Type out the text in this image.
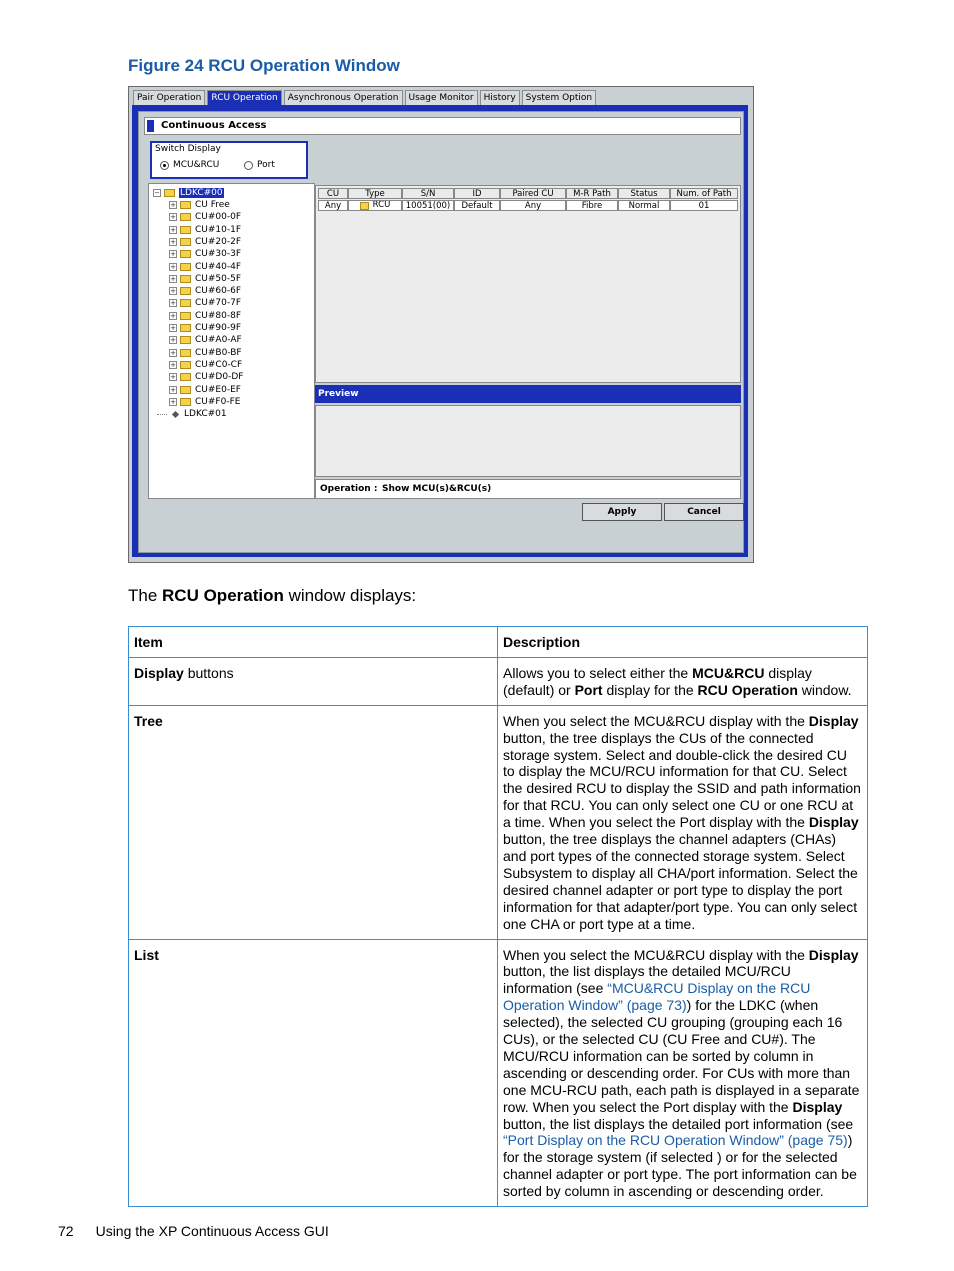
Figure 24 RCU Operation Window
Pair Operation	RCU Operation	Asynchronous Operation	Usage Monitor	History	System Option
Continuous Access
Switch Display
MCU&RCU	Port
− LDKC#00
+ CU Free
+ CU#00-0F
+ CU#10-1F
+ CU#20-2F
+ CU#30-3F
+ CU#40-4F
+ CU#50-5F
+ CU#60-6F
+ CU#70-7F
+ CU#80-8F
+ CU#90-9F
+ CU#A0-AF
+ CU#B0-BF
+ CU#C0-CF
+ CU#D0-DF
+ CU#E0-EF
+ CU#F0-FE
LDKC#01
CU	Type	S/N	ID	Paired CU	M-R Path	Status	Num. of Path
Any	RCU	10051(00)	Default	Any	Fibre	Normal	01
Preview
Operation : Show MCU(s)&RCU(s)
Apply	Cancel
The RCU Operation window displays:
Item	Description
Display buttons	Allows you to select either the MCU&RCU display (default) or Port display for the RCU Operation window.
Tree	When you select the MCU&RCU display with the Display button, the tree displays the CUs of the connected storage system. Select and double-click the desired CU to display the MCU/RCU information for that CU. Select the desired RCU to display the SSID and path information for that RCU. You can only select one CU or one RCU at a time. When you select the Port display with the Display button, the tree displays the channel adapters (CHAs) and port types of the connected storage system. Select Subsystem to display all CHA/port information. Select the desired channel adapter or port type to display the port information for that adapter/port type. You can only select one CHA or port type at a time.
List	When you select the MCU&RCU display with the Display button, the list displays the detailed MCU/RCU information (see “MCU&RCU Display on the RCU Operation Window” (page 73)) for the LDKC (when selected), the selected CU grouping (grouping each 16 CUs), or the selected CU (CU Free and CU#). The MCU/RCU information can be sorted by column in ascending or descending order. For CUs with more than one MCU-RCU path, each path is displayed in a separate row. When you select the Port display with the Display button, the list displays the detailed port information (see “Port Display on the RCU Operation Window” (page 75)) for the storage system (if selected ) or for the selected channel adapter or port type. The port information can be sorted by column in ascending or descending order.
72 Using the XP Continuous Access GUI
